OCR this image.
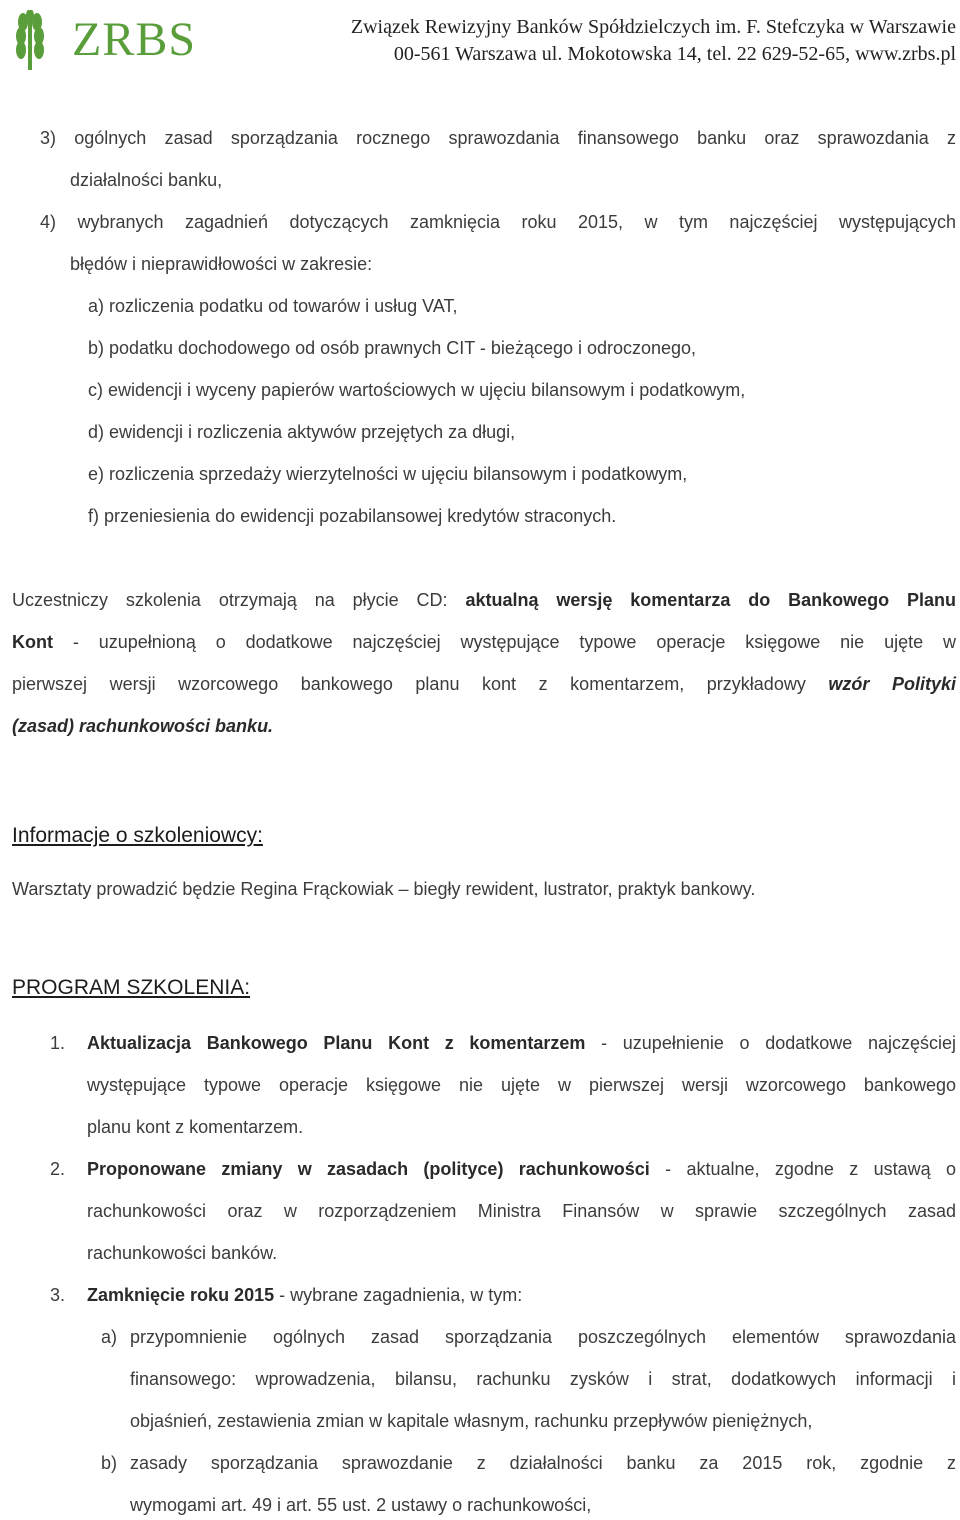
ZRBS	Związek Rewizyjny Banków Spółdzielczych im. F. Stefczyka w Warszawie
00-561 Warszawa ul. Mokotowska 14, tel. 22 629-52-65, www.zrbs.pl
3) ogólnych zasad sporządzania rocznego sprawozdania finansowego banku oraz sprawozdania z
działalności banku,
4) wybranych zagadnień dotyczących zamknięcia roku 2015, w tym najczęściej występujących
błędów i nieprawidłowości w zakresie:
a) rozliczenia podatku od towarów i usług VAT,
b) podatku dochodowego od osób prawnych CIT - bieżącego i odroczonego,
c) ewidencji i wyceny papierów wartościowych w ujęciu bilansowym i podatkowym,
d) ewidencji i rozliczenia aktywów przejętych za długi,
e) rozliczenia sprzedaży wierzytelności w ujęciu bilansowym i podatkowym,
f) przeniesienia do ewidencji pozabilansowej kredytów straconych.
Uczestniczy szkolenia otrzymają na płycie CD: aktualną wersję komentarza do Bankowego Planu
Kont - uzupełnioną o dodatkowe najczęściej występujące typowe operacje księgowe nie ujęte w
pierwszej wersji wzorcowego bankowego planu kont z komentarzem, przykładowy wzór Polityki
(zasad) rachunkowości banku.
Informacje o szkoleniowcy:
Warsztaty prowadzić będzie Regina Frąckowiak – biegły rewident, lustrator, praktyk bankowy.
PROGRAM SZKOLENIA:
1. Aktualizacja Bankowego Planu Kont z komentarzem - uzupełnienie o dodatkowe najczęściej
występujące typowe operacje księgowe nie ujęte w pierwszej wersji wzorcowego bankowego
planu kont z komentarzem.
2. Proponowane zmiany w zasadach (polityce) rachunkowości - aktualne, zgodne z ustawą o
rachunkowości oraz w rozporządzeniem Ministra Finansów w sprawie szczególnych zasad
rachunkowości banków.
3. Zamknięcie roku 2015 - wybrane zagadnienia, w tym:
a) przypomnienie ogólnych zasad sporządzania poszczególnych elementów sprawozdania
finansowego: wprowadzenia, bilansu, rachunku zysków i strat, dodatkowych informacji i
objaśnień, zestawienia zmian w kapitale własnym, rachunku przepływów pieniężnych,
b) zasady sporządzania sprawozdanie z działalności banku za 2015 rok, zgodnie z
wymogami art. 49 i art. 55 ust. 2 ustawy o rachunkowości,
